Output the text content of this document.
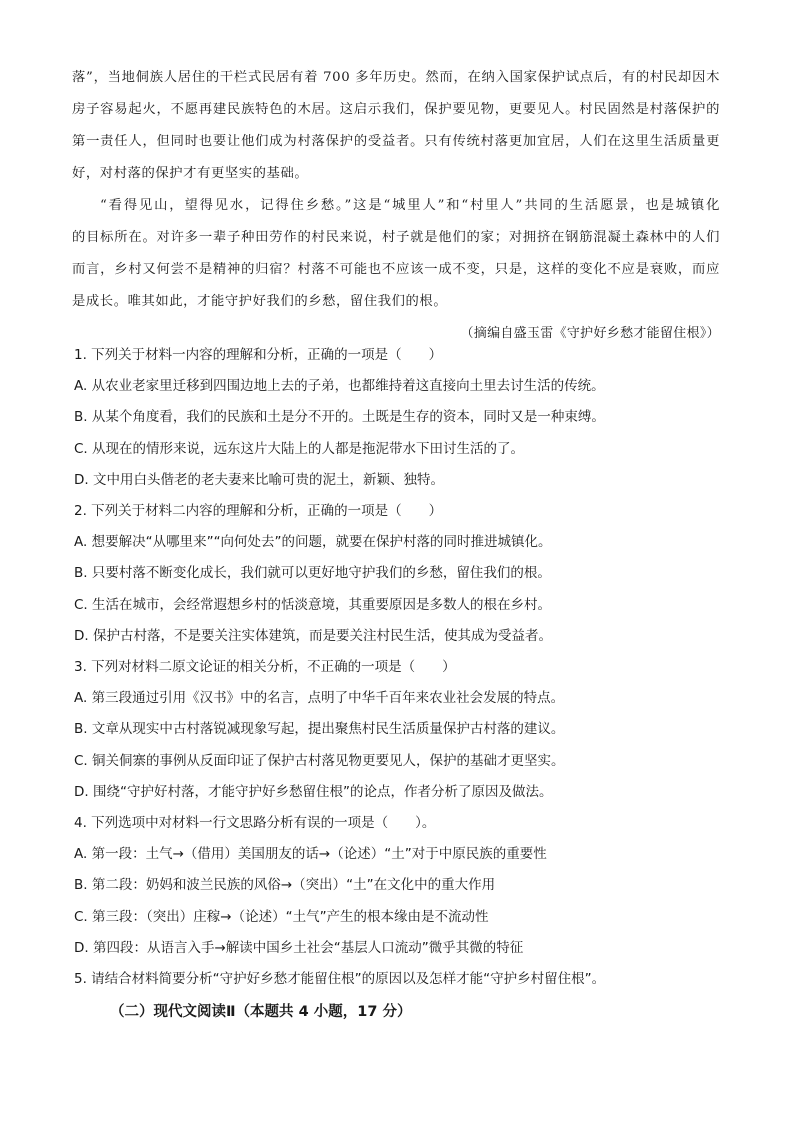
落”，当地侗族人居住的干栏式民居有着 700 多年历史。然而，在纳入国家保护试点后，有的村民却因木

房子容易起火，不愿再建民族特色的木居。这启示我们，保护要见物，更要见人。村民固然是村落保护的

第一责任人，但同时也要让他们成为村落保护的受益者。只有传统村落更加宜居，人们在这里生活质量更

好，对村落的保护才有更坚实的基础。

“看得见山，望得见水，记得住乡愁。”这是“城里人”和“村里人”共同的生活愿景，也是城镇化

的目标所在。对许多一辈子种田劳作的村民来说，村子就是他们的家；对拥挤在钢筋混凝土森林中的人们

而言，乡村又何尝不是精神的归宿？村落不可能也不应该一成不变，只是，这样的变化不应是衰败，而应

是成长。唯其如此，才能守护好我们的乡愁，留住我们的根。

（摘编自盛玉雷《守护好乡愁才能留住根》）

1. 下列关于材料一内容的理解和分析，正确的一项是（　　）
A. 从农业老家里迁移到四围边地上去的子弟，也都维持着这直接向土里去讨生活的传统。
B. 从某个角度看，我们的民族和土是分不开的。土既是生存的资本，同时又是一种束缚。
C. 从现在的情形来说，远东这片大陆上的人都是拖泥带水下田讨生活的了。
D. 文中用白头偕老的老夫妻来比喻可贵的泥土，新颖、独特。
2. 下列关于材料二内容的理解和分析，正确的一项是（　　）
A. 想要解决“从哪里来”“向何处去”的问题，就要在保护村落的同时推进城镇化。
B. 只要村落不断变化成长，我们就可以更好地守护我们的乡愁，留住我们的根。
C. 生活在城市，会经常遐想乡村的恬淡意境，其重要原因是多数人的根在乡村。
D. 保护古村落，不是要关注实体建筑，而是要关注村民生活，使其成为受益者。
3. 下列对材料二原文论证的相关分析，不正确的一项是（　　）
A. 第三段通过引用《汉书》中的名言，点明了中华千百年来农业社会发展的特点。
B. 文章从现实中古村落锐减现象写起，提出聚焦村民生活质量保护古村落的建议。
C. 铜关侗寨的事例从反面印证了保护古村落见物更要见人，保护的基础才更坚实。
D. 围绕“守护好村落，才能守护好乡愁留住根”的论点，作者分析了原因及做法。
4. 下列选项中对材料一行文思路分析有误的一项是（　　）。
A. 第一段：土气→（借用）美国朋友的话→（论述）“土”对于中原民族的重要性
B. 第二段：奶妈和波兰民族的风俗→（突出）“土”在文化中的重大作用
C. 第三段：（突出）庄稼→（论述）“土气”产生的根本缘由是不流动性
D. 第四段：从语言入手→解读中国乡土社会“基层人口流动”微乎其微的特征
5. 请结合材料简要分析“守护好乡愁才能留住根”的原因以及怎样才能“守护乡村留住根”。
（二）现代文阅读Ⅱ（本题共 4 小题，17 分）
